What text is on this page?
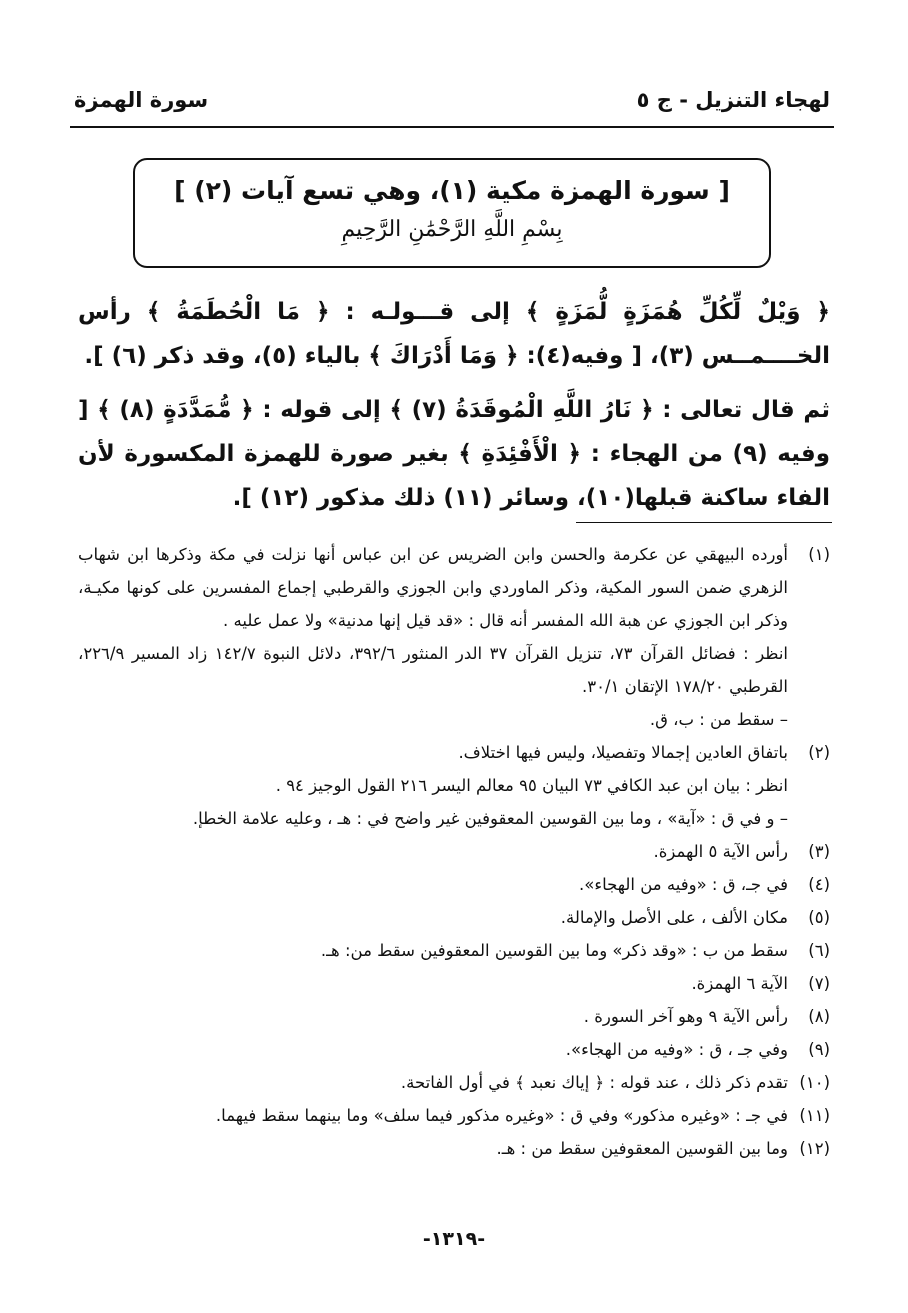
لهجاء التنزيل - ج ٥
سورة الهمزة
[ سورة الهمزة مكية (١)، وهي تسع آيات (٢) ]
بِسْمِ اللَّهِ الرَّحْمَٰنِ الرَّحِيمِ

﴿ وَيْلٌ لِّكُلِّ هُمَزَةٍ لُّمَزَةٍ ﴾ إلى قـــولـه : ﴿ مَا الْحُطَمَةُ ﴾ رأس الخــــمــس (٣)، [ وفيه(٤): ﴿ وَمَا أَدْرَاكَ ﴾ بالياء (٥)، وقد ذكر (٦) ].

ثم قال تعالى : ﴿ نَارُ اللَّهِ الْمُوقَدَةُ (٧) ﴾ إلى قوله : ﴿ مُّمَدَّدَةٍ (٨) ﴾ [ وفيه (٩) من الهجاء : ﴿ الْأَفْئِدَةِ ﴾ بغير صورة للهمزة المكسورة لأن الفاء ساكنة قبلها(١٠)، وسائر (١١) ذلك مذكور (١٢) ].

(١)
أورده البيهقي عن عكرمة والحسن وابن الضريس عن ابن عباس أنها نزلت في مكة وذكرها ابن شهاب الزهري ضمن السور المكية، وذكر الماوردي وابن الجوزي والقرطبي إجماع المفسرين على كونها مكيـة، وذكر ابن الجوزي عن هبة الله المفسر أنه قال : «قد قيل إنها مدنية» ولا عمل عليه .
انظر : فضائل القرآن ٧٣، تنزيل القرآن ٣٧ الدر المنثور ٣٩٢/٦، دلائل النبوة ١٤٢/٧ زاد المسير ٢٢٦/٩، القرطبي ١٧٨/٢٠ الإتقان ٣٠/١.
– سقط من : ب، ق.
(٢)
باتفاق العادين إجمالا وتفصيلا، وليس فيها اختلاف.
انظر : بيان ابن عبد الكافي ٧٣ البيان ٩٥ معالم اليسر ٢١٦ القول الوجيز ٩٤ .
– و في ق : «آية» ، وما بين القوسين المعقوفين غير واضح في : هـ ، وعليه علامة الخطإ.
(٣)
رأس الآية ٥ الهمزة.
(٤)
في جـ، ق : «وفيه من الهجاء».
(٥)
مكان الألف ، على الأصل والإمالة.
(٦)
سقط من ب : «وقد ذكر» وما بين القوسين المعقوفين سقط من: هـ.
(٧)
الآية ٦ الهمزة.
(٨)
رأس الآية ٩ وهو آخر السورة .
(٩)
وفي جـ ، ق : «وفيه من الهجاء».
(١٠)
تقدم ذكر ذلك ، عند قوله : ﴿ إياك نعبد ﴾ في أول الفاتحة.
(١١)
في جـ : «وغيره مذكور» وفي ق : «وغيره مذكور فيما سلف» وما بينهما سقط فيهما.
(١٢)
وما بين القوسين المعقوفين سقط من : هـ.
-١٣١٩-
